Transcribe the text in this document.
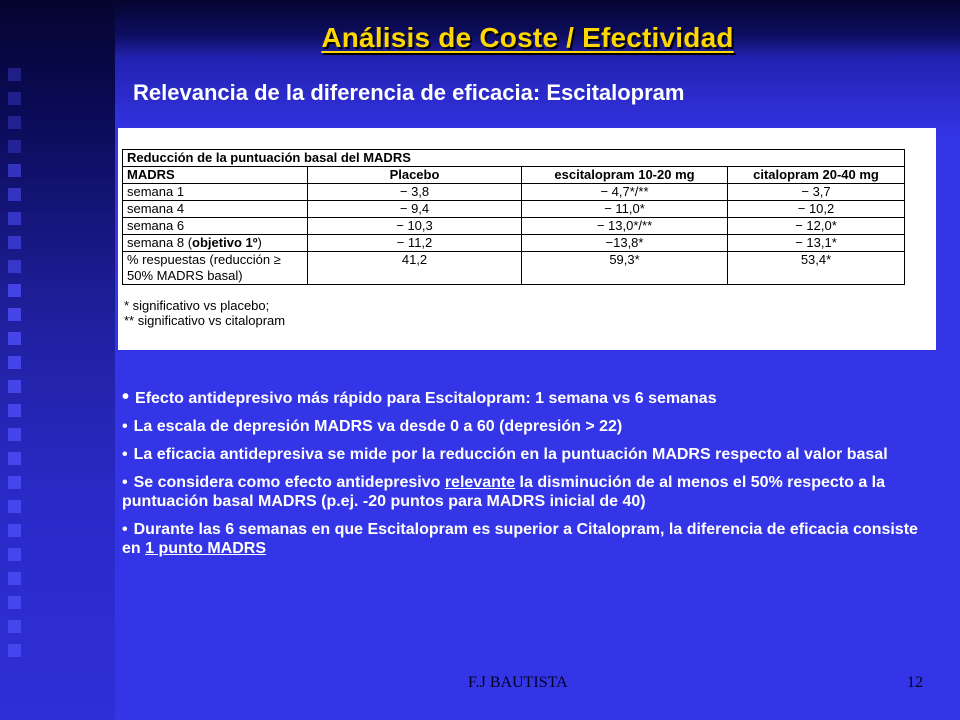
Análisis de Coste / Efectividad
Relevancia de la diferencia de eficacia: Escitalopram
Reducción de la puntuación basal del MADRS			
MADRS	Placebo	escitalopram 10-20 mg	citalopram 20-40 mg
semana 1	− 3,8	− 4,7*/**	− 3,7
semana 4	− 9,4	− 11,0*	− 10,2
semana 6	− 10,3	− 13,0*/**	− 12,0*
semana 8 (objetivo 1º)	− 11,2	−13,8*	− 13,1*

% respuestas (reducción ≥
50% MADRS basal)	41,2	59,3*	53,4*
* significativo vs placebo;
** significativo vs citalopram
• Efecto antidepresivo más rápido para Escitalopram: 1 semana vs 6 semanas
• La escala de depresión MADRS va desde 0 a 60 (depresión > 22)
• La eficacia antidepresiva se mide por la reducción en la puntuación MADRS respecto al valor basal
• Se considera como efecto antidepresivo relevante la disminución de al menos el 50% respecto a la puntuación basal MADRS (p.ej. -20 puntos para MADRS inicial de 40)
• Durante las 6 semanas en que Escitalopram es superior a Citalopram, la diferencia de eficacia consiste en 1 punto MADRS
F.J BAUTISTA	12
